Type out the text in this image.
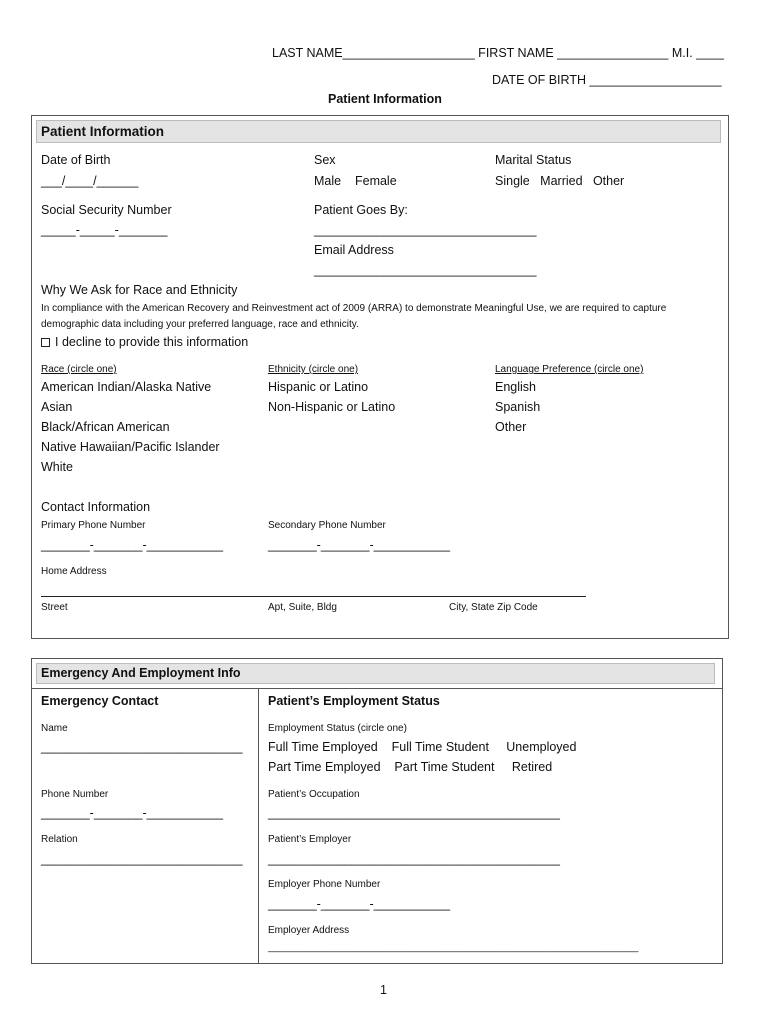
LAST NAME___________________ FIRST NAME ________________ M.I. ____
DATE OF BIRTH ___________________
Patient Information
Patient Information
Date of Birth
___/____/______
Sex
Male    Female
Marital Status
Single   Married   Other
Social Security Number
_____-_____-_______
Patient Goes By:
________________________________
Email Address
________________________________
Why We Ask for Race and Ethnicity
In compliance with the American Recovery and Reinvestment act of 2009 (ARRA) to demonstrate Meaningful Use, we are required to capture
demographic data including your preferred language, race and ethnicity.
I decline to provide this information
Race (circle one)
American Indian/Alaska Native
Asian
Black/African American
Native Hawaiian/Pacific Islander
White
Ethnicity (circle one)
Hispanic or Latino
Non-Hispanic or Latino
Language Preference (circle one)
English
Spanish
Other
Contact Information
Primary Phone Number
_______-_______-___________
Secondary Phone Number
_______-_______-___________
Home Address
Street	Apt, Suite, Bldg	City, State Zip Code
Emergency And Employment Info
Emergency Contact
Name
_____________________________
Phone Number
_______-_______-___________
Relation
_____________________________
Patient’s Employment Status
Employment Status (circle one)
Full Time Employed    Full Time Student     Unemployed
Part Time Employed    Part Time Student     Retired
Patient’s Occupation
__________________________________________
Patient’s Employer
__________________________________________
Employer Phone Number
_______-_______-___________
Employer Address
____________________________________________________________________
1
